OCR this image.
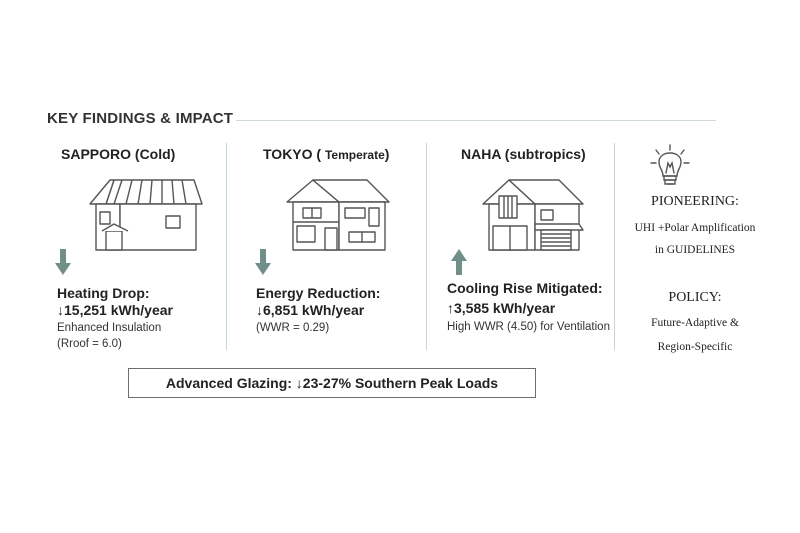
KEY FINDINGS & IMPACT
SAPPORO (Cold)
Heating Drop:
↓15,251 kWh/year
Enhanced Insulation
(Rroof = 6.0)
TOKYO ( Temperate)
Energy Reduction:
↓6,851 kWh/year
(WWR = 0.29)
NAHA (subtropics)
Cooling Rise Mitigated:
↑3,585 kWh/year
High WWR (4.50) for Ventilation
PIONEERING:
UHI +Polar Amplification
in GUIDELINES
POLICY:
Future-Adaptive &
Region-Specific
Advanced Glazing: ↓23-27% Southern Peak Loads
